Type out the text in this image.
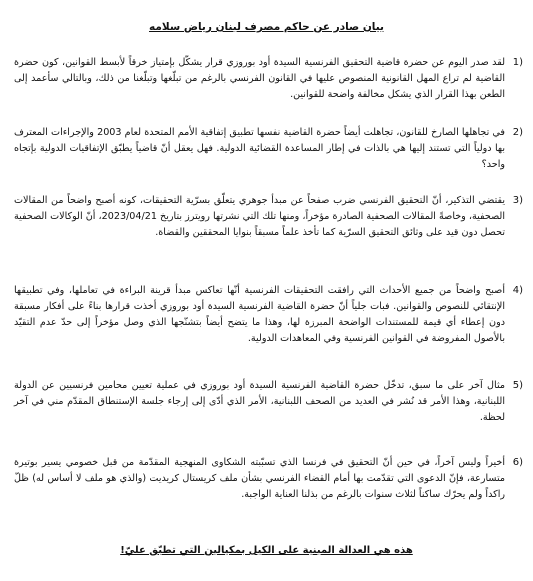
بيان صادر عن حاكم مصرف لبنان رياض سلامه
1)
لقد صدر اليوم عن حضرة قاضية التحقيق الفرنسية السيدة أود بوروزي قرار يشكّل بإمتياز خرقاً لأبسط القوانين، كون حضرة القاضية لم تراع المهل القانونية المنصوص عليها في القانون الفرنسي بالرغم من تبلّغها وتبلّغنا من ذلك، وبالتالي سأعمد إلى الطعن بهذا القرار الذي يشكل مخالفة واضحة للقوانين.
2)
في تجاهلها الصارخ للقانون، تجاهلت أيضاً حضرة القاضية نفسها تطبيق إتفاقية الأمم المتحدة لعام 2003 والإجراءات المعترف بها دولياً التي تستند إليها هي بالذات في إطار المساعدة القضائية الدولية. فهل يعقل أنّ قاضياً يطبّق الإتفاقيات الدولية بإتجاه واحد؟
3)
يقتضي التذكير، أنّ التحقيق الفرنسي ضرب صفحاً عن مبدأ جوهري يتعلّق بسرّية التحقيقات، كونه أصبح واضحاً من المقالات الصحفية، وخاصةً المقالات الصحفية الصادرة مؤخراً، ومنها تلك التي نشرتها رويترز بتاريخ 2023/04/21، أنّ الوكالات الصحفية تحصل دون قيد على وثائق التحقيق السرّية كما تأخذ علماً مسبقاً بنوايا المحققين والقضاة.
4)
أصبح واضحاً من جميع الأحداث التي رافقت التحقيقات الفرنسية أنّها تعاكس مبدأ قرينة البراءة في تعاملها، وفي تطبيقها الإنتقائي للنصوص والقوانين. فبات جلياً أنّ حضرة القاضية الفرنسية السيدة أود بوروزي أخذت قرارها بناءً على أفكار مسبقة دون إعطاء أي قيمة للمستندات الواضحة المبرزة لها، وهذا ما يتضح أيضاً بتشنّجها الذي وصل مؤخراً إلى حدّ عدم التقيّد بالأصول المفروضة في القوانين الفرنسية وفي المعاهدات الدولية.
5)
مثال آخر على ما سبق، تدخّل حضرة القاضية الفرنسية السيدة أود بوروزي في عملية تعيين محامين فرنسيين عن الدولة اللبنانية، وهذا الأمر قد نُشر في العديد من الصحف اللبنانية، الأمر الذي أدّى إلى إرجاء جلسة الإستنطاق المقدّم مني في آخر لحظة.
6)
أخيراً وليس آخراً، في حين أنّ التحقيق في فرنسا الذي تسبّبته الشكاوى المنهجية المقدّمة من قبل خصومي يسير بوتيرة متسارعة، فإنّ الدعوى التي تقدّمت بها أمام القضاء الفرنسي بشأن ملف كريستال كريديت (والذي هو ملف لا أساس له) ظلّ راكداً ولم يحرّك ساكناً لثلاث سنوات بالرغم من بذلنا العناية الواجبة.
هذه هي العدالة المبنية على الكيل بمكيالين التي تطبّق عليّ!
